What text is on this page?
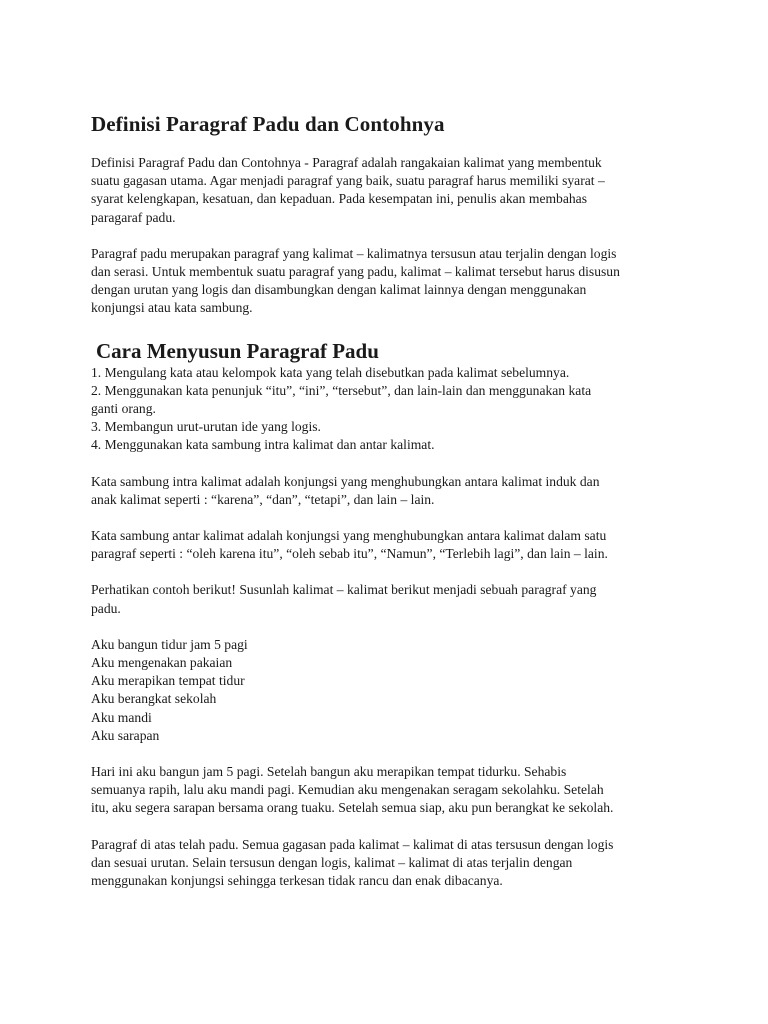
Definisi Paragraf Padu dan Contohnya

Definisi Paragraf Padu dan Contohnya - Paragraf adalah rangakaian kalimat yang membentuk
suatu gagasan utama. Agar menjadi paragraf yang baik, suatu paragraf harus memiliki syarat –
syarat kelengkapan, kesatuan, dan kepaduan. Pada kesempatan ini, penulis akan membahas
paragaraf padu.

Paragraf padu merupakan paragraf yang kalimat – kalimatnya tersusun atau terjalin dengan logis
dan serasi. Untuk membentuk suatu paragraf yang padu, kalimat – kalimat tersebut harus disusun
dengan urutan yang logis dan disambungkan dengan kalimat lainnya dengan menggunakan
konjungsi atau kata sambung.

Cara Menyusun Paragraf Padu
1. Mengulang kata atau kelompok kata yang telah disebutkan pada kalimat sebelumnya.
2. Menggunakan kata penunjuk “itu”, “ini”, “tersebut”, dan lain-lain dan menggunakan kata
ganti orang.
3. Membangun urut-urutan ide yang logis.
4. Menggunakan kata sambung intra kalimat dan antar kalimat.

Kata sambung intra kalimat adalah konjungsi yang menghubungkan antara kalimat induk dan
anak kalimat seperti : “karena”, “dan”, “tetapi”, dan lain – lain.

Kata sambung antar kalimat adalah konjungsi yang menghubungkan antara kalimat dalam satu
paragraf seperti : “oleh karena itu”, “oleh sebab itu”, “Namun”, “Terlebih lagi”, dan lain – lain.

Perhatikan contoh berikut! Susunlah kalimat – kalimat berikut menjadi sebuah paragraf yang
padu.

Aku bangun tidur jam 5 pagi
Aku mengenakan pakaian
Aku merapikan tempat tidur
Aku berangkat sekolah
Aku mandi
Aku sarapan

Hari ini aku bangun jam 5 pagi. Setelah bangun aku merapikan tempat tidurku. Sehabis
semuanya rapih, lalu aku mandi pagi. Kemudian aku mengenakan seragam sekolahku. Setelah
itu, aku segera sarapan bersama orang tuaku. Setelah semua siap, aku pun berangkat ke sekolah.

Paragraf di atas telah padu. Semua gagasan pada kalimat – kalimat di atas tersusun dengan logis
dan sesuai urutan. Selain tersusun dengan logis, kalimat – kalimat di atas terjalin dengan
menggunakan konjungsi sehingga terkesan tidak rancu dan enak dibacanya.
